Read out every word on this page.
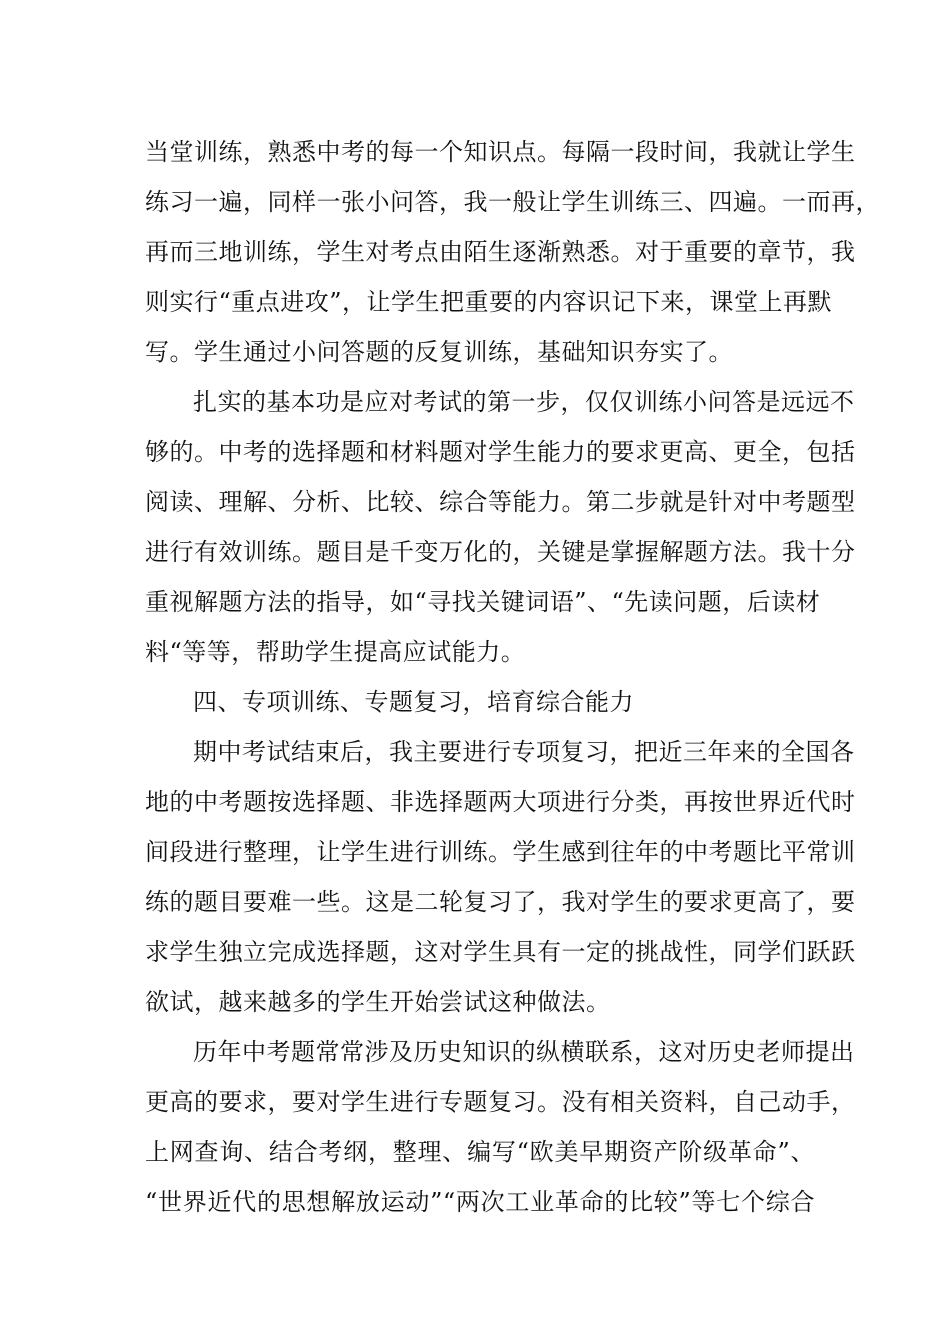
当堂训练，熟悉中考的每一个知识点。每隔一段时间，我就让学生
练习一遍，同样一张小问答，我一般让学生训练三、四遍。一而再，
再而三地训练，学生对考点由陌生逐渐熟悉。对于重要的章节，我
则实行“重点进攻”，让学生把重要的内容识记下来，课堂上再默
写。学生通过小问答题的反复训练，基础知识夯实了。
扎实的基本功是应对考试的第一步，仅仅训练小问答是远远不
够的。中考的选择题和材料题对学生能力的要求更高、更全，包括
阅读、理解、分析、比较、综合等能力。第二步就是针对中考题型
进行有效训练。题目是千变万化的，关键是掌握解题方法。我十分
重视解题方法的指导，如“寻找关键词语”、“先读问题，后读材
料“等等，帮助学生提高应试能力。
四、专项训练、专题复习，培育综合能力
期中考试结束后，我主要进行专项复习，把近三年来的全国各
地的中考题按选择题、非选择题两大项进行分类，再按世界近代时
间段进行整理，让学生进行训练。学生感到往年的中考题比平常训
练的题目要难一些。这是二轮复习了，我对学生的要求更高了，要
求学生独立完成选择题，这对学生具有一定的挑战性，同学们跃跃
欲试，越来越多的学生开始尝试这种做法。
历年中考题常常涉及历史知识的纵横联系，这对历史老师提出
更高的要求，要对学生进行专题复习。没有相关资料，自己动手，
上网查询、结合考纲，整理、编写“欧美早期资产阶级革命”、
“世界近代的思想解放运动”“两次工业革命的比较”等七个综合
